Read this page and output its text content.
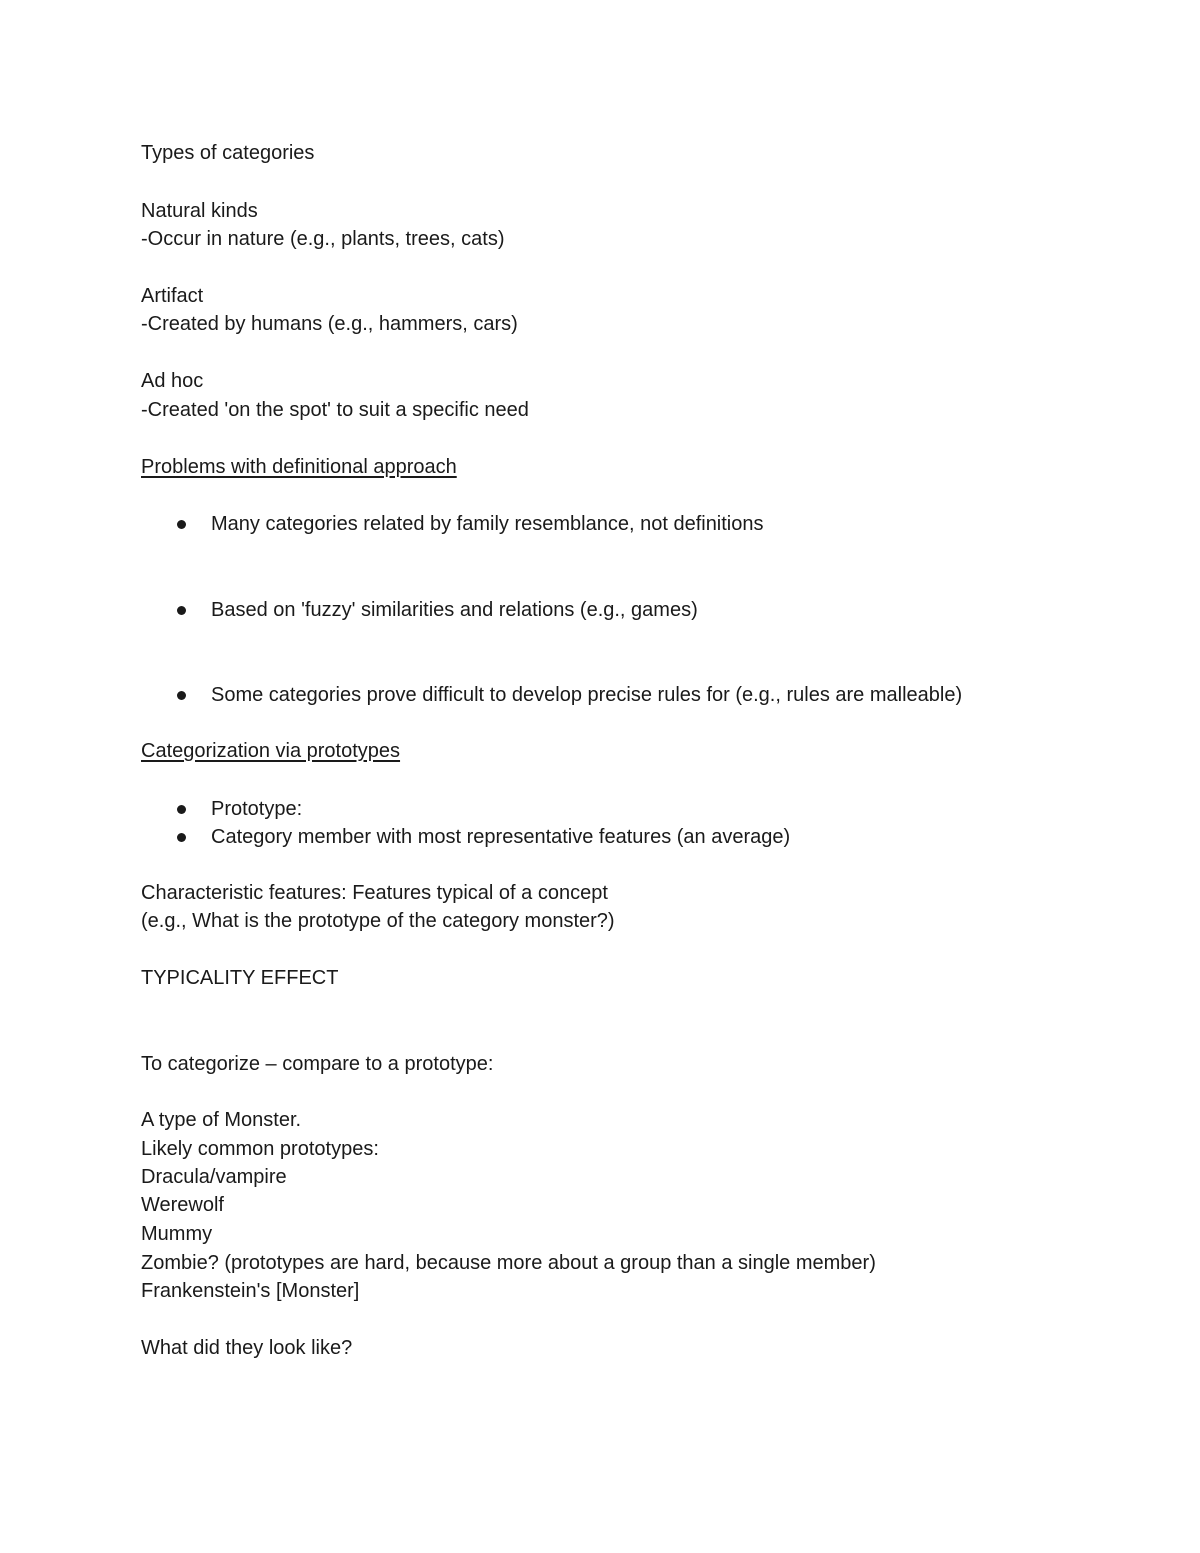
Types of categories
Natural kinds
-Occur in nature (e.g., plants, trees, cats)
Artifact
-Created by humans (e.g., hammers, cars)
Ad hoc
-Created 'on the spot' to suit a specific need
Problems with definitional approach
Many categories related by family resemblance, not definitions
Based on 'fuzzy' similarities and relations (e.g., games)
Some categories prove difficult to develop precise rules for (e.g., rules are malleable)
Categorization via prototypes
Prototype:
Category member with most representative features (an average)
Characteristic features: Features typical of a concept
(e.g., What is the prototype of the category monster?)
TYPICALITY EFFECT
To categorize – compare to a prototype:
A type of Monster.
Likely common prototypes:
Dracula/vampire
Werewolf
Mummy
Zombie? (prototypes are hard, because more about a group than a single member)
Frankenstein's [Monster]
What did they look like?
